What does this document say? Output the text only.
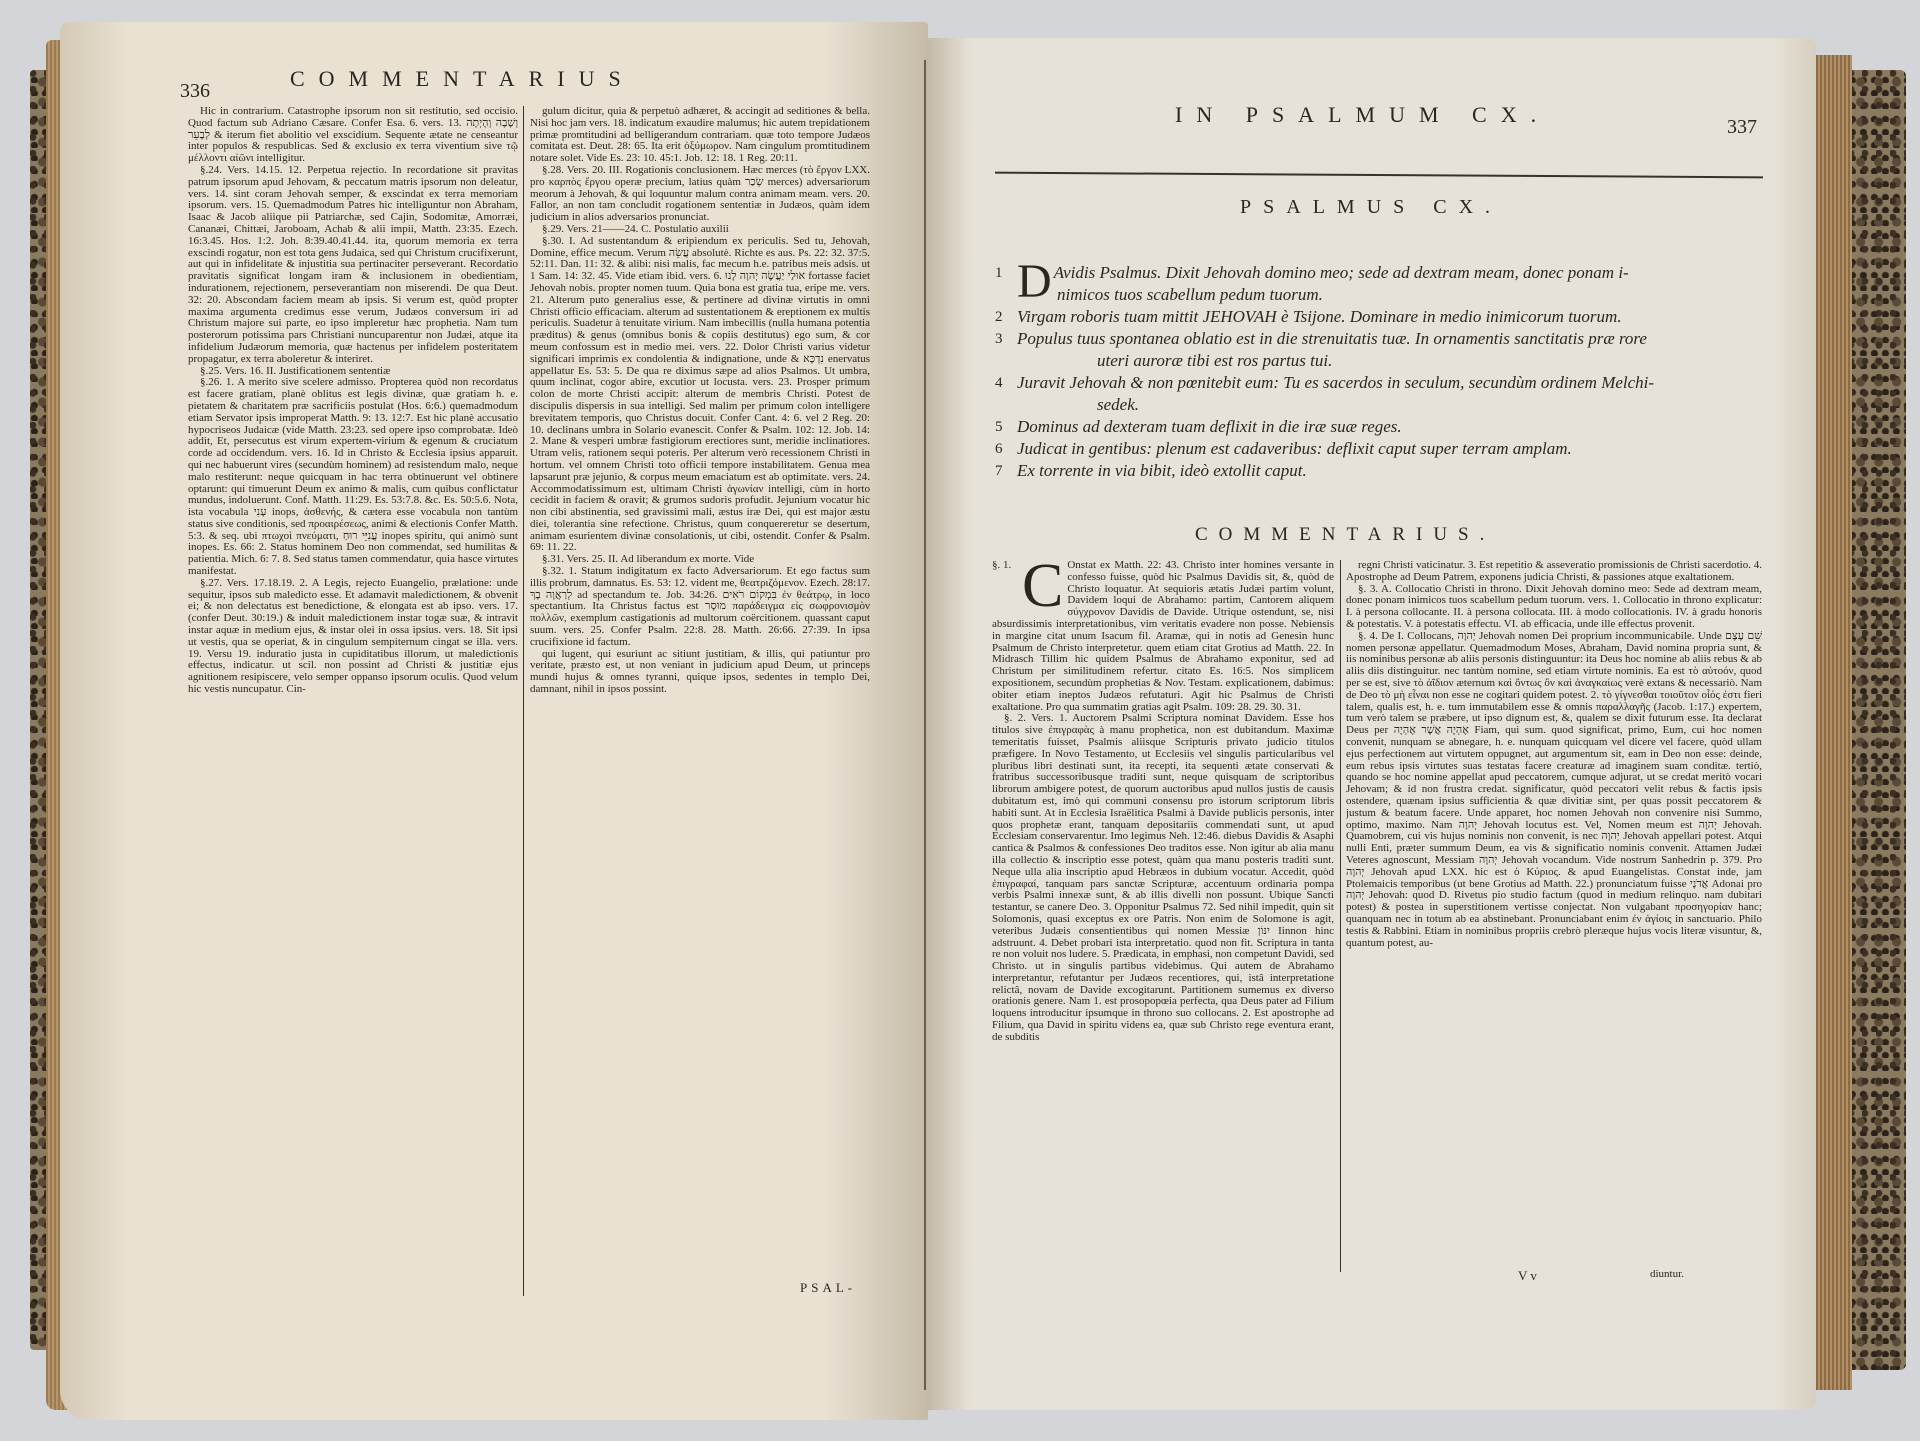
336	COMMENTARIUS

Hic in contrarium. Catastrophe ipsorum non sit restitutio, sed occisio. Quod factum sub Adriano Cæsare. Confer Esa. 6. vers. 13. וְשָׁבָה וְהָיְתָה לְבָעֵר & iterum fiet abolitio vel exscidium. Sequente ætate ne censeantur inter populos & respublicas. Sed & exclusio ex terra viventium sive τῷ μέλλοντι αἰῶνι intelligitur.

§.24. Vers. 14.15. 12. Perpetua rejectio. In recordatione sit pravitas patrum ipsorum apud Jehovam, & peccatum matris ipsorum non deleatur, vers. 14. sint coram Jehovah semper, & exscindat ex terra memoriam ipsorum. vers. 15. Quemadmodum Patres hic intelliguntur non Abraham, Isaac & Jacob aliique pii Patriarchæ, sed Cajin, Sodomitæ, Amorræi, Cananæi, Chittæi, Jaroboam, Achab & alii impii, Matth. 23:35. Ezech. 16:3.45. Hos. 1:2. Joh. 8:39.40.41.44. ita, quorum memoria ex terra exscindi rogatur, non est tota gens Judaica, sed qui Christum crucifixerunt, aut qui in infidelitate & injustitia sua pertinaciter perseverant. Recordatio pravitatis significat longam iram & inclusionem in obedientiam, indurationem, rejectionem, perseverantiam non miserendi. De qua Deut. 32: 20. Abscondam faciem meam ab ipsis. Si verum est, quòd propter maxima argumenta credimus esse verum, Judæos conversum iri ad Christum majore sui parte, eo ipso impleretur hæc prophetia. Nam tum posterorum potissima pars Christiani nuncuparentur non Judæi, atque ita infidelium Judæorum memoria, quæ hactenus per infidelem posteritatem propagatur, ex terra aboleretur & interiret.

§.25. Vers. 16. II. Justificationem sententiæ

§.26. 1. A merito sive scelere admisso. Propterea quòd non recordatus est facere gratiam, planè oblitus est legis divinæ, quæ gratiam h. e. pietatem & charitatem præ sacrificiis postulat (Hos. 6:6.) quemadmodum etiam Servator ipsis improperat Matth. 9: 13. 12:7. Est hic planè accusatio hypocriseos Judaicæ (vide Matth. 23:23. sed opere ipso comprobatæ. Ideò addit, Et, persecutus est virum expertem-virium & egenum & cruciatum corde ad occidendum. vers. 16. Id in Christo & Ecclesia ipsius apparuit. qui nec habuerunt vires (secundùm hominem) ad resistendum malo, neque malo restiterunt: neque quicquam in hac terra obtinuerunt vel obtinere optarunt: qui timuerunt Deum ex animo & malis, cum quibus conflictatur mundus, indoluerunt. Conf. Matth. 11:29. Es. 53:7.8. &c. Es. 50:5.6. Nota, ista vocabula עָנִי inops, ἀσθενής, & cætera esse vocabula non tantùm status sive conditionis, sed προαιρέσεως, animi & electionis Confer Matth. 5:3. & seq. ubi πτωχοὶ πνεύματι, עֲנִיֵּי רוּחַ inopes spiritu, qui animò sunt inopes. Es. 66: 2. Status hominem Deo non commendat, sed humilitas & patientia. Mich. 6: 7. 8. Sed status tamen commendatur, quia hasce virtutes manifestat.

§.27. Vers. 17.18.19. 2. A Legis, rejecto Euangelio, prælatione: unde sequitur, ipsos sub maledicto esse. Et adamavit maledictionem, & obvenit ei; & non delectatus est benedictione, & elongata est ab ipso. vers. 17. (confer Deut. 30:19.) & induit maledictionem instar togæ suæ, & intravit instar aquæ in medium ejus, & instar olei in ossa ipsius. vers. 18. Sit ipsi ut vestis, qua se operiat, & in cingulum sempiternum cingat se illa. vers. 19. Versu 19. induratio justa in cupiditatibus illorum, ut maledictionis effectus, indicatur. ut scil. non possint ad Christi & justitiæ ejus agnitionem resipiscere, velo semper oppanso ipsorum oculis. Quod velum hic vestis nuncupatur. Cin-

gulum dicitur, quia & perpetuò adhæret, & accingit ad seditiones & bella. Nisi hoc jam vers. 18. indicatum exaudire malumus; hic autem trepidationem primæ promtitudini ad belligerandum contrariam. quæ toto tempore Judæos comitata est. Deut. 28: 65. Ita erit ὀξύμωρον. Nam cingulum promtitudinem notare solet. Vide Es. 23: 10. 45:1. Job. 12: 18. 1 Reg. 20:11.

§.28. Vers. 20. III. Rogationis conclusionem. Hæc merces (τὸ ἔργον LXX. pro καρπὸς ἔργου operæ precium, latius quàm שְׂכַר merces) adversariorum meorum à Jehovah, & qui loquuntur malum contra animam meam. vers. 20. Fallor, an non tam concludit rogationem sententiæ in Judæos, quàm idem judicium in alios adversarios pronunciat.

§.29. Vers. 21——24. C. Postulatio auxilii

§.30. I. Ad sustentandum & eripiendum ex periculis. Sed tu, Jehovah, Domine, effice mecum. Verum עֲשֵׂה absolutè. Richte es aus. Ps. 22: 32. 37:5. 52:11. Dan. 11: 32. & alibi: nisi malis, fac mecum h.e. patribus meis adsis. ut 1 Sam. 14: 32. 45. Vide etiam ibid. vers. 6. אוּלַי יַעֲשֶׂה יְהוָה לָנוּ fortasse faciet Jehovah nobis. propter nomen tuum. Quia bona est gratia tua, eripe me. vers. 21. Alterum puto generalius esse, & pertinere ad divinæ virtutis in omni Christi officio efficaciam. alterum ad sustentationem & ereptionem ex multis periculis. Suadetur à tenuitate virium. Nam imbecillis (nulla humana potentia præditus) & genus (omnibus bonis & copiis destitutus) ego sum, & cor meum confossum est in medio mei. vers. 22. Dolor Christi varius videtur significari imprimis ex condolentia & indignatione, unde & נִדְכָּא enervatus appellatur Es. 53: 5. De qua re diximus sæpe ad alios Psalmos. Ut umbra, quum inclinat, cogor abire, excutior ut locusta. vers. 23. Prosper primum colon de morte Christi accipit: alterum de membris Christi. Potest de discipulis dispersis in sua intelligi. Sed malim per primum colon intelligere brevitatem temporis, quo Christus docuit. Confer Cant. 4: 6. vel 2 Reg. 20: 10. declinans umbra in Solario evanescit. Confer & Psalm. 102: 12. Job. 14: 2. Mane & vesperi umbræ fastigiorum erectiores sunt, meridie inclinatiores. Utram velis, rationem sequi poteris. Per alterum verò recessionem Christi in hortum. vel omnem Christi toto officii tempore instabilitatem. Genua mea lapsarunt præ jejunio, & corpus meum emaciatum est ab optimitate. vers. 24. Accommodatissimum est, ultimam Christi ἀγωνίαν intelligi, cùm in horto cecidit in faciem & oravit; & grumos sudoris profudit. Jejunium vocatur hic non cibi abstinentia, sed gravissimi mali, æstus iræ Dei, qui est major æstu diei, tolerantia sine refectione. Christus, quum conquereretur se desertum, animam esurientem divinæ consolationis, ut cibi, ostendit. Confer & Psalm. 69: 11. 22.

§.31. Vers. 25. II. Ad liberandum ex morte. Vide

§.32. 1. Statum indigitatum ex facto Adversariorum. Et ego factus sum illis probrum, damnatus. Es. 53: 12. vident me, θεατριζόμενον. Ezech. 28:17. לְרַאֲוָה בָךְ ad spectandum te. Job. 34:26. בִּמְקוֹם רֹאִים ἐν θεάτρῳ, in loco spectantium. Ita Christus factus est מוּסָר παράδειγμα εἰς σωφρονισμὸν πολλῶν, exemplum castigationis ad multorum coërcitionem. quassant caput suum. vers. 25. Confer Psalm. 22:8. 28. Matth. 26:66. 27:39. In ipsa crucifixione id factum.

qui lugent, qui esuriunt ac sitiunt justitiam, & illis, qui patiuntur pro veritate, præsto est, ut non veniant in judicium apud Deum, ut princeps mundi hujus & omnes tyranni, quique ipsos, sedentes in templo Dei, damnant, nihil in ipsos possint.

PSAL-
IN PSALMUM CX.	337
PSALMUS CX.
1 D Avidis Psalmus. Dixit Jehovah domino meo; sede ad dextram meam, donec ponam i-
nimicos tuos scabellum pedum tuorum.
2 Virgam roboris tuam mittit JEHOVAH è Tsijone. Dominare in medio inimicorum tuorum.
3 Populus tuus spontanea oblatio est in die strenuitatis tuæ. In ornamentis sanctitatis præ rore
uteri auroræ tibi est ros partus tui.
4 Juravit Jehovah & non pœnitebit eum: Tu es sacerdos in seculum, secundùm ordinem Melchi-
sedek.
5 Dominus ad dexteram tuam deflixit in die iræ suæ reges.
6 Judicat in gentibus: plenum est cadaveribus: deflixit caput super terram amplam.
7 Ex torrente in via bibit, ideò extollit caput.
COMMENTARIUS.
§. 1. C Onstat ex Matth. 22: 43. Christo inter homines versante in confesso fuisse, quòd hic Psalmus Davidis sit, &, quòd de Christo loquatur. At sequioris ætatis Judæi partim volunt, Davidem loqui de Abrahamo: partim, Cantorem aliquem σύγχρονον Davidis de Davide. Utrique ostendunt, se, nisi absurdissimis interpretationibus, vim veritatis evadere non posse. Nebiensis in margine citat unum Isacum fil. Aramæ, qui in notis ad Genesin hunc Psalmum de Christo interpretetur. quem etiam citat Grotius ad Matth. 22. In Midrasch Tillim hic quidem Psalmus de Abrahamo exponitur, sed ad Christum per similitudinem refertur. citato Es. 16:5. Nos simplicem expositionem, secundùm prophetias & Nov. Testam. explicationem, dabimus: obiter etiam ineptos Judæos refutaturi. Agit hic Psalmus de Christi exaltatione. Pro qua summatim gratias agit Psalm. 109: 28. 29. 30. 31.

§. 2. Vers. 1. Auctorem Psalmi Scriptura nominat Davidem. Esse hos titulos sive ἐπιγραφὰς à manu prophetica, non est dubitandum. Maximæ temeritatis fuisset, Psalmis aliisque Scripturis privato judicio titulos præfigere. In Novo Testamento, ut Ecclesiis vel singulis particularibus vel pluribus libri destinati sunt, ita recepti, ita sequenti ætate conservati & fratribus successoribusque traditi sunt, neque quisquam de scriptoribus librorum ambigere potest, de quorum auctoribus apud nullos justis de causis dubitatum est, imò qui communi consensu pro istorum scriptorum libris habiti sunt. At in Ecclesia Israëlitica Psalmi à Davide publicis personis, inter quos prophetæ erant, tanquam depositariis commendati sunt, ut apud Ecclesiam conservarentur. Imo legimus Neh. 12:46. diebus Davidis & Asaphi cantica & Psalmos & confessiones Deo traditos esse. Non igitur ab alia manu illa collectio & inscriptio esse potest, quàm qua manu posteris traditi sunt. Neque ulla alia inscriptio apud Hebræos in dubium vocatur. Accedit, quòd ἐπιγραφαί, tanquam pars sanctæ Scripturæ, accentuum ordinaria pompa verbis Psalmi innexæ sunt, & ab illis divelli non possunt. Ubique Sancti testantur, se canere Deo. 3. Opponitur Psalmus 72. Sed nihil impedit, quin sit Solomonis, quasi exceptus ex ore Patris. Non enim de Solomone is agit, veteribus Judæis consentientibus qui nomen Messiæ יִנּוֹן Iinnon hinc adstruunt. 4. Debet probari ista interpretatio. quod non fit. Scriptura in tanta re non voluit nos ludere. 5. Prædicata, in emphasi, non competunt Davidi, sed Christo. ut in singulis partibus videbimus. Qui autem de Abrahamo interpretantur, refutantur per Judæos recentiores, qui, istâ interpretatione relictâ, novam de Davide excogitarunt. Partitionem sumemus ex diverso orationis genere. Nam 1. est prosopopœia perfecta, qua Deus pater ad Filium loquens introducitur ipsumque in throno suo collocans. 2. Est apostrophe ad Filium, qua David in spiritu videns ea, quæ sub Christo rege eventura erant, de subditis

regni Christi vaticinatur. 3. Est repetitio & asseveratio promissionis de Christi sacerdotio. 4. Apostrophe ad Deum Patrem, exponens judicia Christi, & passiones atque exaltationem.

§. 3. A. Collocatio Christi in throno. Dixit Jehovah domino meo: Sede ad dextram meam, donec ponam inimicos tuos scabellum pedum tuorum. vers. 1. Collocatio in throno explicatur: I. à persona collocante. II. à persona collocata. III. à modo collocationis. IV. à gradu honoris & potestatis. V. à potestatis effectu. VI. ab efficacia, unde ille effectus provenit.

§. 4. De I. Collocans, יְהוָה Jehovah nomen Dei proprium incommunicabile. Unde שֵׁם עֶצֶם nomen personæ appellatur. Quemadmodum Moses, Abraham, David nomina propria sunt, & iis nominibus personæ ab aliis personis distinguuntur: ita Deus hoc nomine ab aliis rebus & ab aliis diis distinguitur. nec tantùm nomine, sed etiam virtute nominis. Ea est τὸ αὐτοόν, quod per se est, sive τὸ ἀΐδιον æternum καὶ ὄντως ὂν καὶ ἀναγκαίως verè extans & necessariò. Nam de Deo τὸ μὴ εἶναι non esse ne cogitari quidem potest. 2. τὸ γίγνεσθαι τοιοῦτον οἷός ἐστι fieri talem, qualis est, h. e. tum immutabilem esse & omnis παραλλαγῆς (Jacob. 1:17.) expertem, tum verò talem se præbere, ut ipso dignum est, &, qualem se dixit futurum esse. Ita declarat Deus per אֶהְיֶה אֲשֶׁר אֶהְיֶה Fiam, qui sum. quod significat, primo, Eum, cui hoc nomen convenit, nunquam se abnegare, h. e. nunquam quicquam vel dicere vel facere, quòd ullam ejus perfectionem aut virtutem oppugnet, aut argumentum sit, eam in Deo non esse: deinde, eum rebus ipsis virtutes suas testatas facere creaturæ ad imaginem suam conditæ. tertiò, quando se hoc nomine appellat apud peccatorem, cumque adjurat, ut se credat meritò vocari Jehovam; & id non frustra credat. significatur, quòd peccatori velit rebus & factis ipsis ostendere, quænam ipsius sufficientia & quæ divitiæ sint, per quas possit peccatorem & justum & beatum facere. Unde apparet, hoc nomen Jehovah non convenire nisi Summo, optimo, maximo. Nam יְהוָה Jehovah locutus est. Vel, Nomen meum est יְהוָה Jehovah. Quamobrem, cui vis hujus nominis non convenit, is nec יְהוָה Jehovah appellari potest. Atqui nulli Enti, præter summum Deum, ea vis & significatio nominis convenit. Attamen Judæi Veteres agnoscunt, Messiam יְהוָה Jehovah vocandum. Vide nostrum Sanhedrin p. 379. Pro יְהוָה Jehovah apud LXX. hic est ὁ Κύριος. & apud Euangelistas. Constat inde, jam Ptolemaicis temporibus (ut bene Grotius ad Matth. 22.) pronunciatum fuisse אֲדֹנָי Adonai pro יְהוָה Jehovah: quod D. Rivetus pio studio factum (quod in medium relinquo. nam dubitari potest) & postea in superstitionem vertisse conjectat. Non vulgabant προσηγορίαν hanc; quanquam nec in totum ab ea abstinebant. Pronunciabant enim ἐν ἁγίοις in sanctuario. Philo testis & Rabbini. Etiam in nominibus propriis crebrò pleræque hujus vocis literæ visuntur, &, quantum potest, au-

Vv	diuntur.
